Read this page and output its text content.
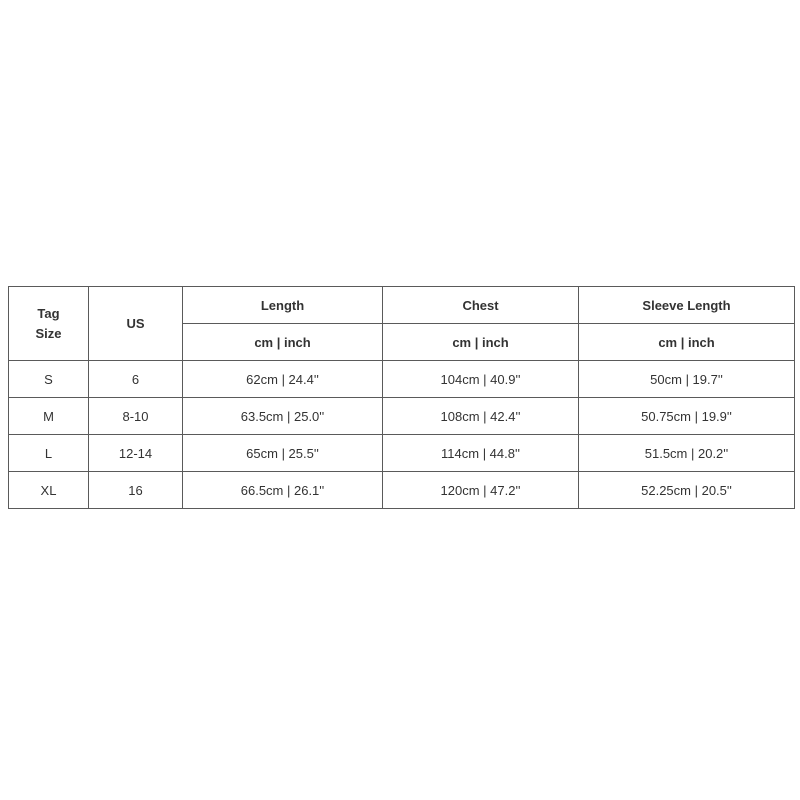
Tag
Size	US	Length	Chest	Sleeve Length
		cm | inch	cm | inch	cm | inch
S	6	62cm | 24.4''	104cm | 40.9''	50cm | 19.7''
M	8-10	63.5cm | 25.0''	108cm | 42.4''	50.75cm | 19.9''
L	12-14	65cm | 25.5''	114cm | 44.8''	51.5cm | 20.2''
XL	16	66.5cm | 26.1''	120cm | 47.2''	52.25cm | 20.5''
